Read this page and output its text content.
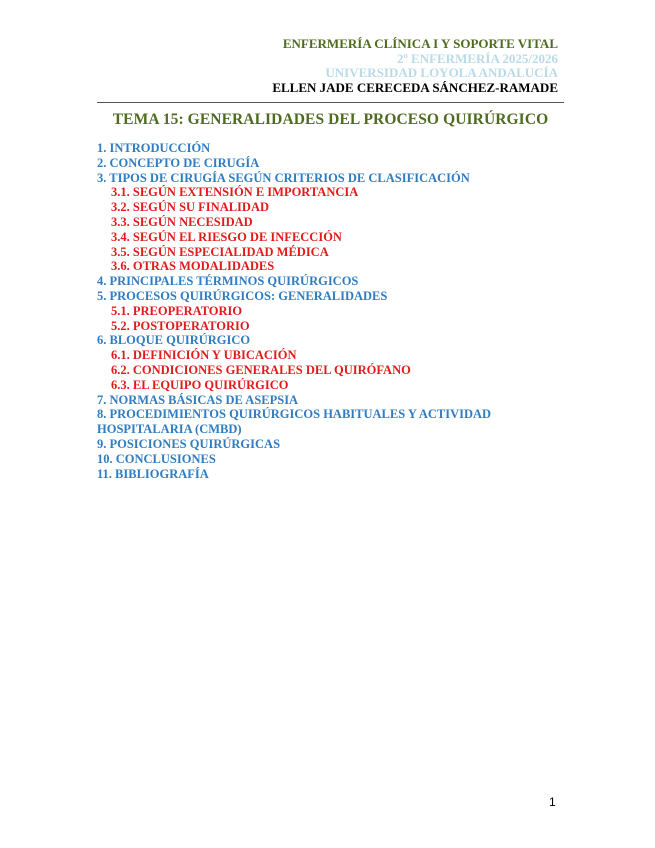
ENFERMERÍA CLÍNICA I Y SOPORTE VITAL
2º ENFERMERÍA 2025/2026
UNIVERSIDAD LOYOLA ANDALUCÍA
ELLEN JADE CERECEDA SÁNCHEZ-RAMADE
TEMA 15: GENERALIDADES DEL PROCESO QUIRÚRGICO
1. INTRODUCCIÓN
2. CONCEPTO DE CIRUGÍA
3. TIPOS DE CIRUGÍA SEGÚN CRITERIOS DE CLASIFICACIÓN
3.1. SEGÚN EXTENSIÓN E IMPORTANCIA
3.2. SEGÚN SU FINALIDAD
3.3. SEGÚN NECESIDAD
3.4. SEGÚN EL RIESGO DE INFECCIÓN
3.5. SEGÚN ESPECIALIDAD MÉDICA
3.6. OTRAS MODALIDADES
4. PRINCIPALES TÉRMINOS QUIRÚRGICOS
5. PROCESOS QUIRÚRGICOS: GENERALIDADES
5.1. PREOPERATORIO
5.2. POSTOPERATORIO
6. BLOQUE QUIRÚRGICO
6.1. DEFINICIÓN Y UBICACIÓN
6.2. CONDICIONES GENERALES DEL QUIRÓFANO
6.3. EL EQUIPO QUIRÚRGICO
7. NORMAS BÁSICAS DE ASEPSIA
8. PROCEDIMIENTOS QUIRÚRGICOS HABITUALES Y ACTIVIDAD HOSPITALARIA (CMBD)
9. POSICIONES QUIRÚRGICAS
10. CONCLUSIONES
11. BIBLIOGRAFÍA
1
